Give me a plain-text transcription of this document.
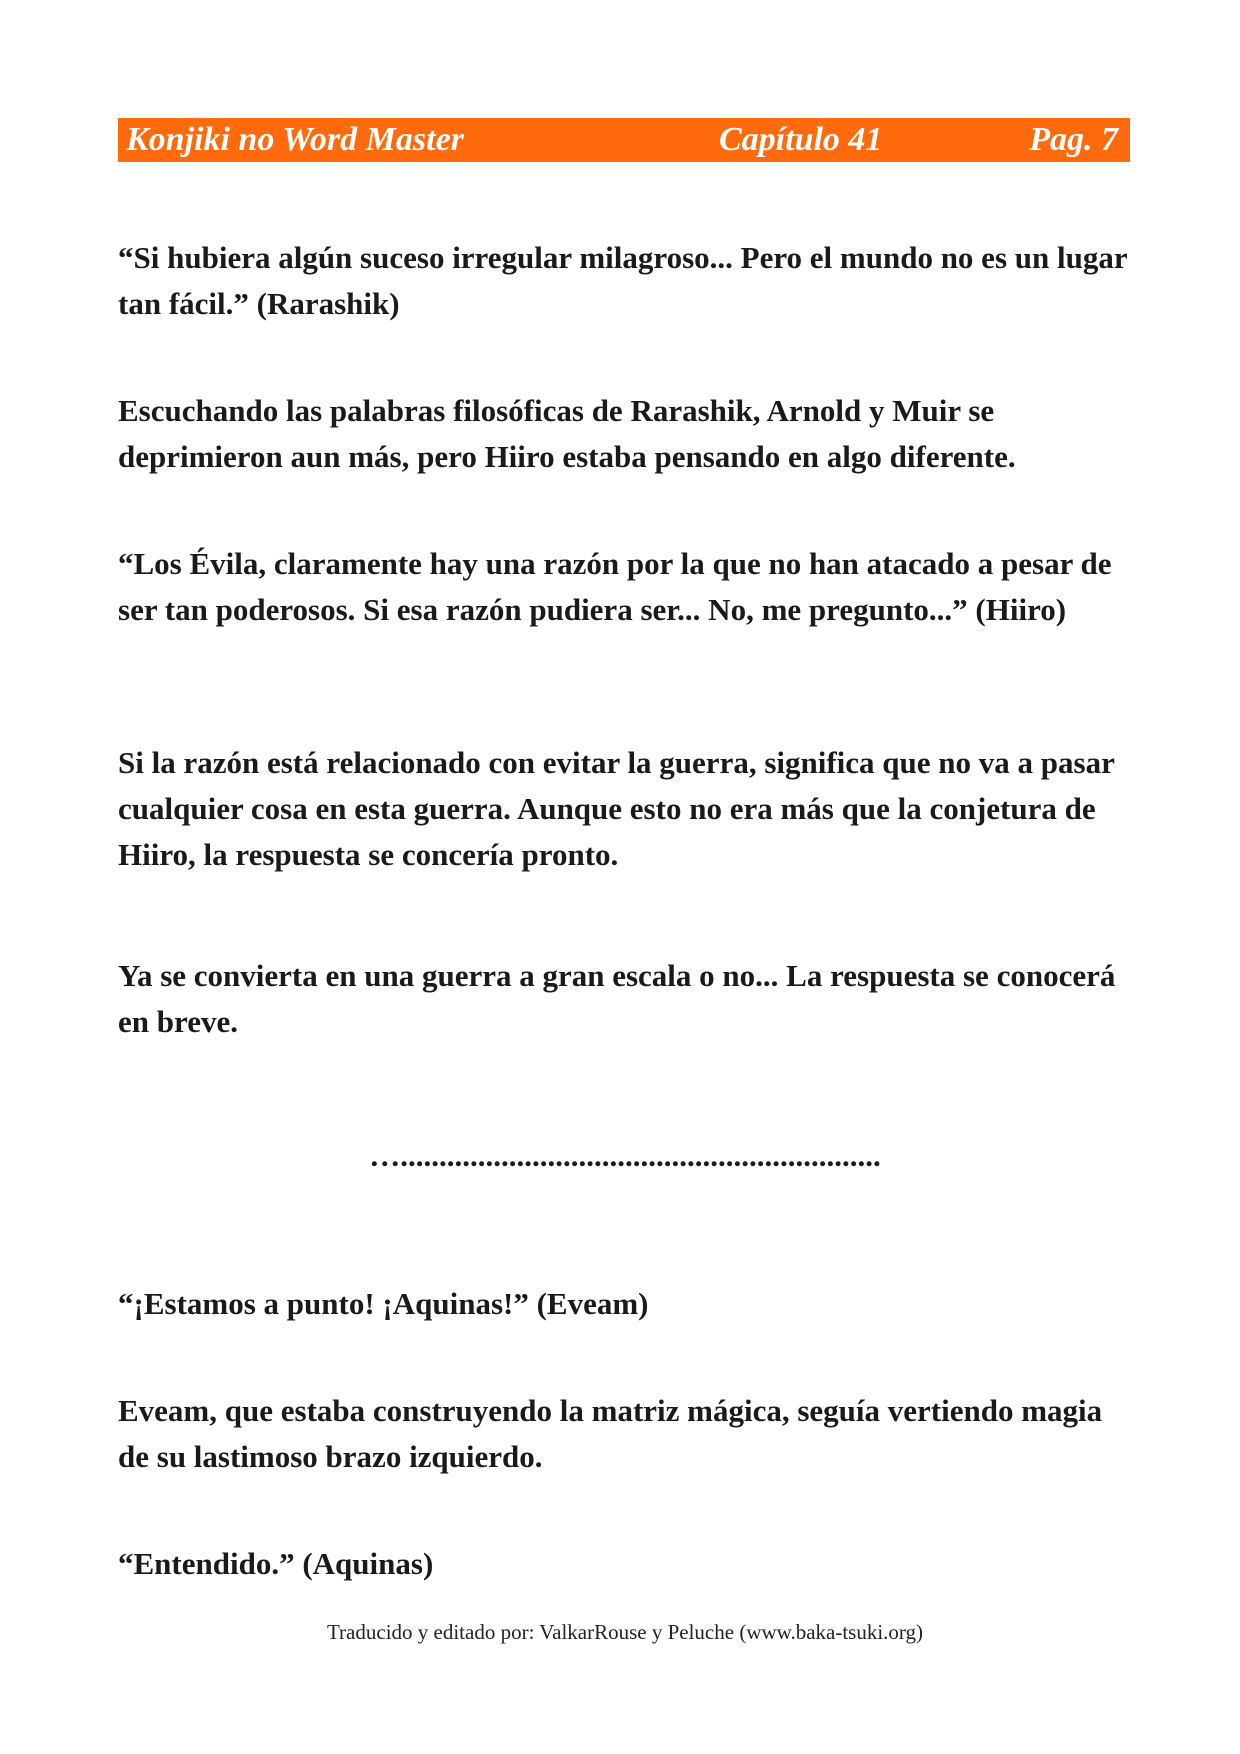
Konjiki no Word Master	Capítulo 41	Pag. 7

“Si hubiera algún suceso irregular milagroso... Pero el mundo no es un lugar tan fácil.” (Rarashik)

Escuchando las palabras filosóficas de Rarashik, Arnold y Muir se deprimieron aun más, pero Hiiro estaba pensando en algo diferente.

“Los Évila, claramente hay una razón por la que no han atacado a pesar de ser tan poderosos. Si esa razón pudiera ser... No, me pregunto...” (Hiiro)

Si la razón está relacionado con evitar la guerra, significa que no va a pasar cualquier cosa en esta guerra. Aunque esto no era más que la conjetura de Hiiro, la respuesta se concería pronto.

Ya se convierta en una guerra a gran escala o no... La respuesta se conocerá en breve.

…..............................................................

“¡Estamos a punto! ¡Aquinas!” (Eveam)

Eveam, que estaba construyendo la matriz mágica, seguía vertiendo magia de su lastimoso brazo izquierdo.

“Entendido.” (Aquinas)

Traducido y editado por: ValkarRouse y Peluche (www.baka-tsuki.org)
